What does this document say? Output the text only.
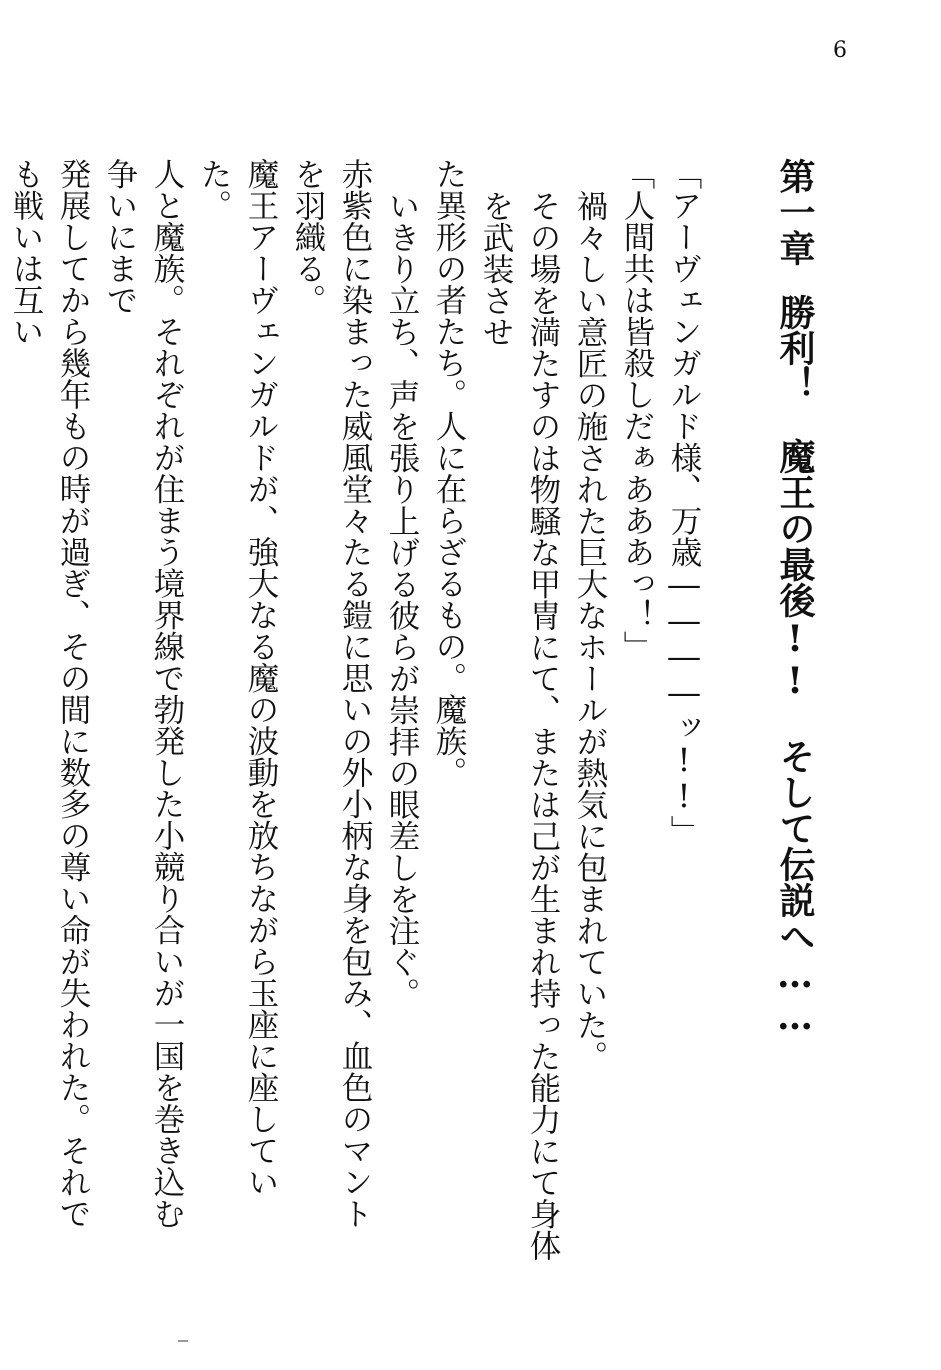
6
第一章勝利！　魔王の最後!!　そして伝説へ……
「アーヴェンガルド様、万歳――――ッ!!」
「人間共は皆殺しだぁあああっ！」
禍々しい意匠の施された巨大なホールが熱気に包まれていた。
その場を満たすのは物騒な甲冑にて、または己が生まれ持った能力にて身体を武装させ
た異形の者たち。人に在らざるもの。魔族。
いきり立ち、声を張り上げる彼らが崇拝の眼差しを注ぐ。
赤紫色に染まった威風堂々たる鎧に思いの外小柄な身を包み、血色のマントを羽織る。
魔王アーヴェンガルドが、強大なる魔の波動を放ちながら玉座に座していた。
人と魔族。それぞれが住まう境界線で勃発した小競り合いが一国を巻き込む争いにまで
発展してから幾年もの時が過ぎ、その間に数多の尊い命が失われた。それでも戦いは互い
